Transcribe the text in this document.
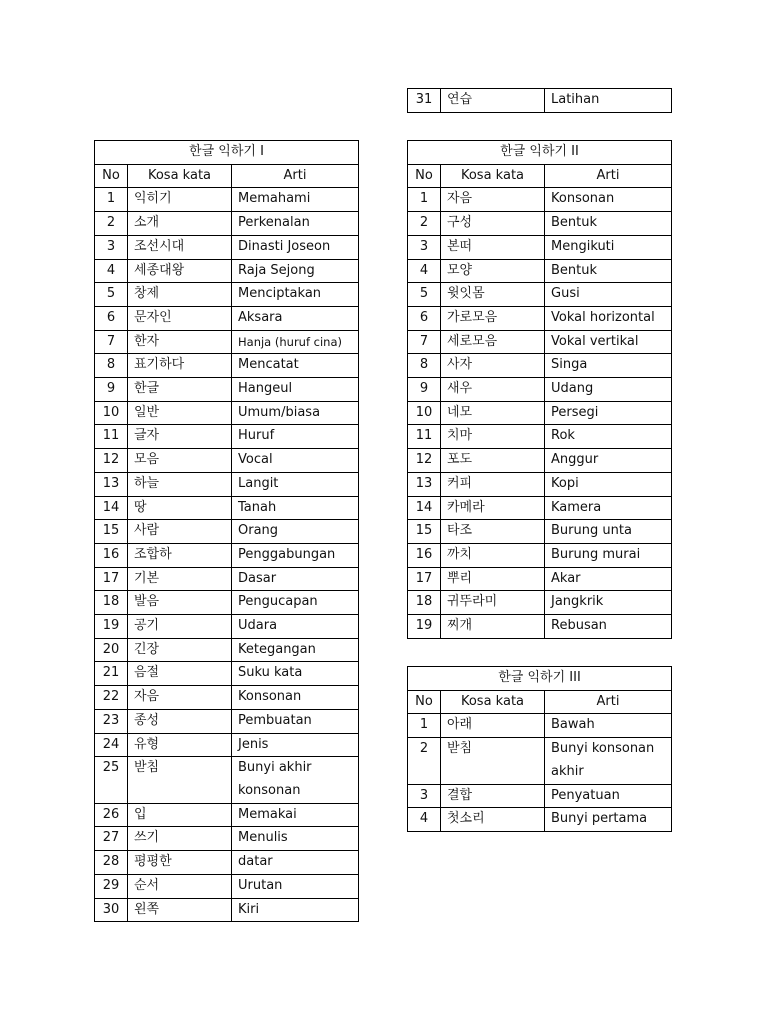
31	연습	Latihan
한글 익하기 I		
No	Kosa kata	Arti
1	익히기	Memahami
2	소개	Perkenalan
3	조선시대	Dinasti Joseon
4	세종대왕	Raja Sejong
5	창제	Menciptakan
6	문자인	Aksara
7	한자	Hanja (huruf cina)
8	표기하다	Mencatat
9	한글	Hangeul
10	일반	Umum/biasa
11	글자	Huruf
12	모음	Vocal
13	하늘	Langit
14	땅	Tanah
15	사람	Orang
16	조합하	Penggabungan
17	기본	Dasar
18	발음	Pengucapan
19	공기	Udara
20	긴장	Ketegangan
21	음절	Suku kata
22	자음	Konsonan
23	종성	Pembuatan
24	유형	Jenis
25	받침	Bunyi akhir
konsonan

26	입	Memakai
27	쓰기	Menulis
28	평평한	datar
29	순서	Urutan
30	왼쪽	Kiri
한글 익하기 II		
No	Kosa kata	Arti
1	자음	Konsonan
2	구성	Bentuk
3	본떠	Mengikuti
4	모양	Bentuk
5	윗잇몸	Gusi
6	가로모음	Vokal horizontal
7	세로모음	Vokal vertikal
8	사자	Singa
9	새우	Udang
10	네모	Persegi
11	치마	Rok
12	포도	Anggur
13	커피	Kopi
14	카메라	Kamera
15	타조	Burung unta
16	까치	Burung murai
17	뿌리	Akar
18	귀뚜라미	Jangkrik
19	찌개	Rebusan
한글 익하기 III		
No	Kosa kata	Arti
1	아래	Bawah
2	받침	Bunyi konsonan
akhir

3	결합	Penyatuan
4	첫소리	Bunyi pertama
